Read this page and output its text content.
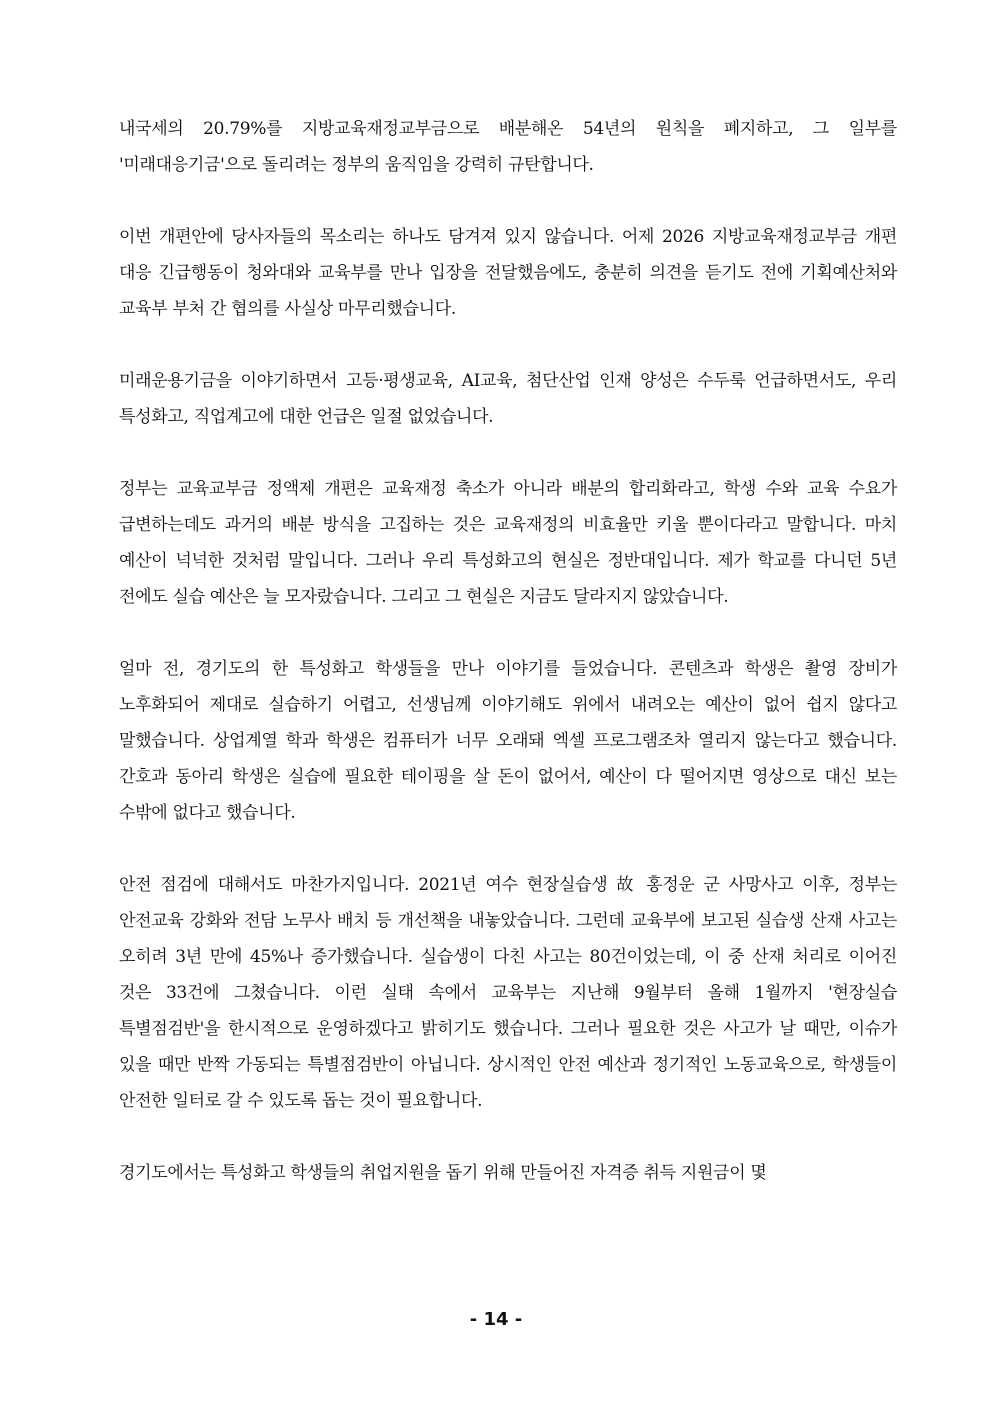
내국세의 20.79%를 지방교육재정교부금으로 배분해온 54년의 원칙을 폐지하고, 그 일부를 '미래대응기금'으로 돌리려는 정부의 움직임을 강력히 규탄합니다.

이번 개편안에 당사자들의 목소리는 하나도 담겨져 있지 않습니다. 어제 2026 지방교육재정교부금 개편 대응 긴급행동이 청와대와 교육부를 만나 입장을 전달했음에도, 충분히 의견을 듣기도 전에 기획예산처와 교육부 부처 간 협의를 사실상 마무리했습니다.

미래운용기금을 이야기하면서 고등·평생교육, AI교육, 첨단산업 인재 양성은 수두룩 언급하면서도, 우리 특성화고, 직업계고에 대한 언급은 일절 없었습니다.

정부는 교육교부금 정액제 개편은 교육재정 축소가 아니라 배분의 합리화라고, 학생 수와 교육 수요가 급변하는데도 과거의 배분 방식을 고집하는 것은 교육재정의 비효율만 키울 뿐이다라고 말합니다. 마치 예산이 넉넉한 것처럼 말입니다. 그러나 우리 특성화고의 현실은 정반대입니다. 제가 학교를 다니던 5년 전에도 실습 예산은 늘 모자랐습니다. 그리고 그 현실은 지금도 달라지지 않았습니다.

얼마 전, 경기도의 한 특성화고 학생들을 만나 이야기를 들었습니다. 콘텐츠과 학생은 촬영 장비가 노후화되어 제대로 실습하기 어렵고, 선생님께 이야기해도 위에서 내려오는 예산이 없어 쉽지 않다고 말했습니다. 상업계열 학과 학생은 컴퓨터가 너무 오래돼 엑셀 프로그램조차 열리지 않는다고 했습니다. 간호과 동아리 학생은 실습에 필요한 테이핑을 살 돈이 없어서, 예산이 다 떨어지면 영상으로 대신 보는 수밖에 없다고 했습니다.

안전 점검에 대해서도 마찬가지입니다. 2021년 여수 현장실습생 故 홍정운 군 사망사고 이후, 정부는 안전교육 강화와 전담 노무사 배치 등 개선책을 내놓았습니다. 그런데 교육부에 보고된 실습생 산재 사고는 오히려 3년 만에 45%나 증가했습니다. 실습생이 다친 사고는 80건이었는데, 이 중 산재 처리로 이어진 것은 33건에 그쳤습니다. 이런 실태 속에서 교육부는 지난해 9월부터 올해 1월까지 '현장실습 특별점검반'을 한시적으로 운영하겠다고 밝히기도 했습니다. 그러나 필요한 것은 사고가 날 때만, 이슈가 있을 때만 반짝 가동되는 특별점검반이 아닙니다. 상시적인 안전 예산과 정기적인 노동교육으로, 학생들이 안전한 일터로 갈 수 있도록 돕는 것이 필요합니다.

경기도에서는 특성화고 학생들의 취업지원을 돕기 위해 만들어진 자격증 취득 지원금이 몇

- 14 -
